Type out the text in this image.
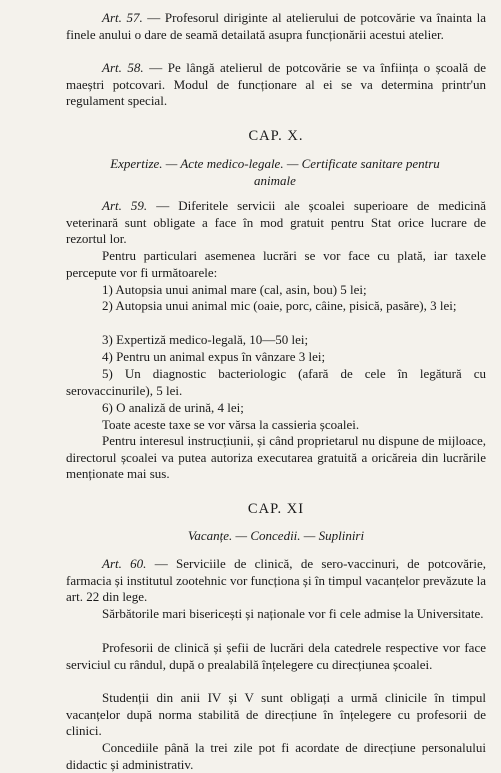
Art. 57. — Profesorul diriginte al atelierului de potcovărie va înainta la finele anului o dare de seamă detailată asupra funcționării acestui atelier.

Art. 58. — Pe lângă atelierul de potcovărie se va înființa o școală de maeștri potcovari. Modul de funcționare al ei se va determina printr'un regulament special.

CAP. X.

Expertize. — Acte medico-legale. — Certificate sanitare pentru animale

Art. 59. — Diferitele servicii ale școalei superioare de medicină veterinară sunt obligate a face în mod gratuit pentru Stat orice lucrare de rezortul lor.

Pentru particulari asemenea lucrări se vor face cu plată, iar taxele percepute vor fi următoarele:

1) Autopsia unui animal mare (cal, asin, bou) 5 lei;

2) Autopsia unui animal mic (oaie, porc, câine, pisică, pasăre), 3 lei;

3) Expertiză medico-legală, 10—50 lei;

4) Pentru un animal expus în vânzare 3 lei;

5) Un diagnostic bacteriologic (afară de cele în legătură cu serovaccinurile), 5 lei.

6) O analiză de urină, 4 lei;

Toate aceste taxe se vor vărsa la cassieria școalei.

Pentru interesul instrucțiunii, și când proprietarul nu dispune de mijloace, directorul școalei va putea autoriza executarea gratuită a oricăreia din lucrările menționate mai sus.

CAP. XI

Vacanțe. — Concedii. — Supliniri

Art. 60. — Serviciile de clinică, de sero-vaccinuri, de potcovărie, farmacia și institutul zootehnic vor funcționa și în timpul vacanțelor prevăzute la art. 22 din lege.

Sărbătorile mari bisericești și naționale vor fi cele admise la Universitate.

Profesorii de clinică și șefii de lucrări dela catedrele respective vor face serviciul cu rândul, după o prealabilă înțelegere cu direcțiunea școalei.

Studenții din anii IV și V sunt obligați a urmă clinicile în timpul vacanțelor după norma stabilită de direcțiune în înțelegere cu profesorii de clinici.

Concediile până la trei zile pot fi acordate de direcțiune personalului didactic și administrativ.
